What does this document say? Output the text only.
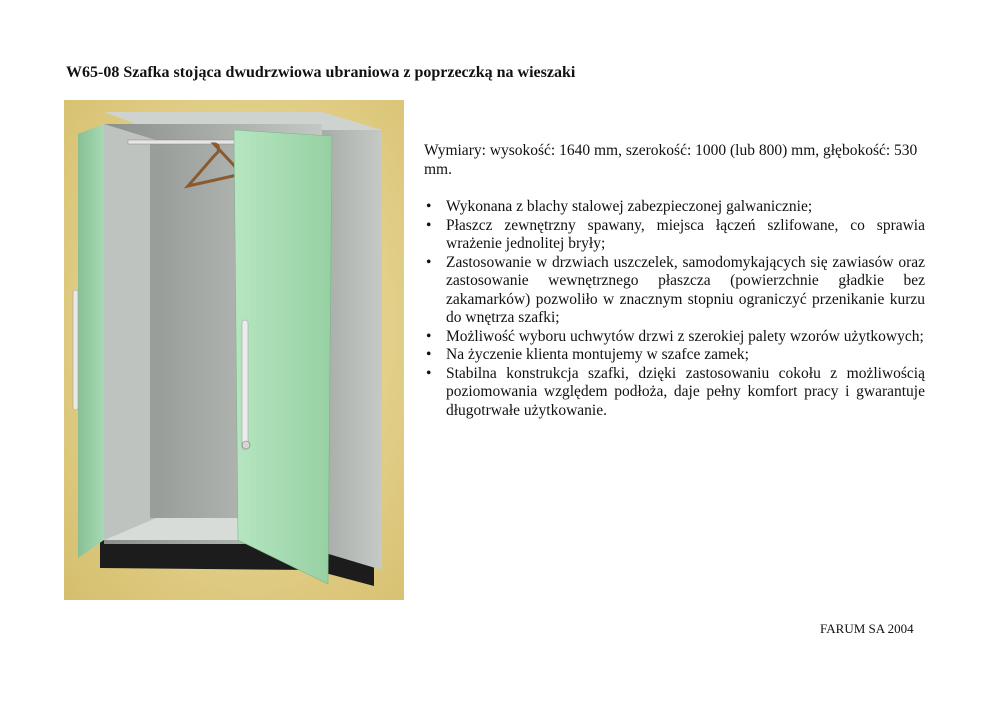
W65-08 Szafka stojąca dwudrzwiowa ubraniowa z poprzeczką na wieszaki

Wymiary: wysokość: 1640 mm, szerokość: 1000 (lub 800) mm, głębokość: 530 mm.

• Wykonana z blachy stalowej zabezpieczonej galwanicznie;
• Płaszcz zewnętrzny spawany, miejsca łączeń szlifowane, co sprawia wrażenie jednolitej bryły;
• Zastosowanie w drzwiach uszczelek, samodomykających się zawiasów oraz zastosowanie wewnętrznego płaszcza (powierzchnie gładkie bez zakamarków) pozwoliło w znacznym stopniu ograniczyć przenikanie kurzu do wnętrza szafki;
• Możliwość wyboru uchwytów drzwi z szerokiej palety wzorów użytkowych;
• Na życzenie klienta montujemy w szafce zamek;
• Stabilna konstrukcja szafki, dzięki zastosowaniu cokołu z możliwością poziomowania względem podłoża, daje pełny komfort pracy i gwarantuje długotrwałe użytkowanie.
FARUM SA 2004
